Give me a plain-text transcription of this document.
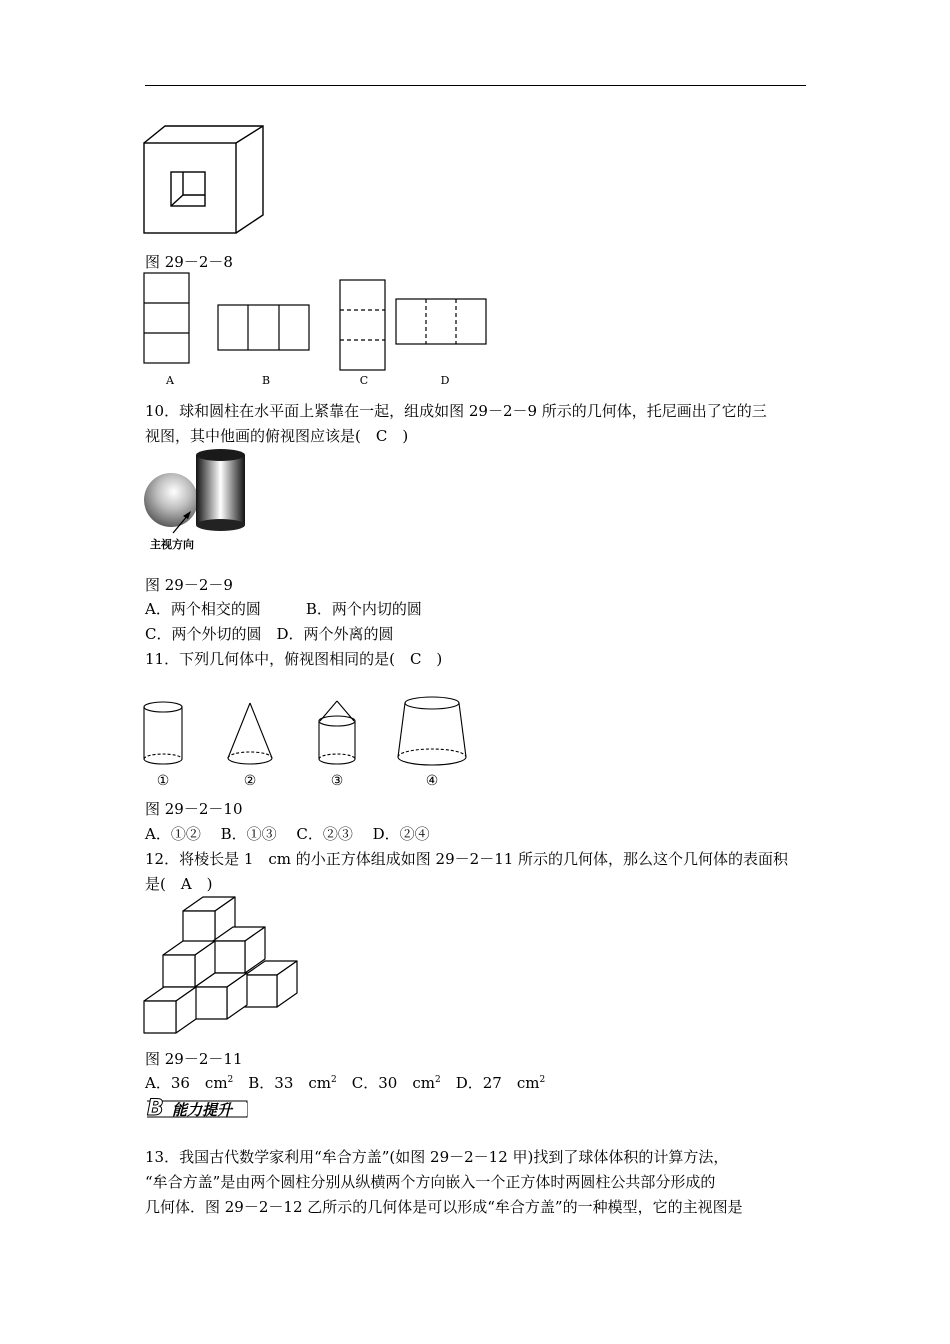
图 29－2－8
A	B	C	D
10．球和圆柱在水平面上紧靠在一起，组成如图 29－2－9 所示的几何体，托尼画出了它的三
视图，其中他画的俯视图应该是(　C　)
主视方向
图 29－2－9
A．两个相交的圆　　　B．两个内切的圆
C．两个外切的圆　D．两个外离的圆
11．下列几何体中，俯视图相同的是(　C　)
①	②	③	④
图 29－2－10
A．①②　 B．①③　 C．②③　 D．②④
12．将棱长是 1　cm 的小正方体组成如图 29－2－11 所示的几何体，那么这个几何体的表面积
是(　A　)
图 29－2－11
A．36　$cm^2$　B．33　$cm^2$　C．30　$cm^2$　D．27　$cm^2$
B 能力提升
13．我国古代数学家利用“牟合方盖”(如图 29－2－12 甲)找到了球体体积的计算方法，
“牟合方盖”是由两个圆柱分别从纵横两个方向嵌入一个正方体时两圆柱公共部分形成的
几何体．图 29－2－12 乙所示的几何体是可以形成“牟合方盖”的一种模型，它的主视图是
